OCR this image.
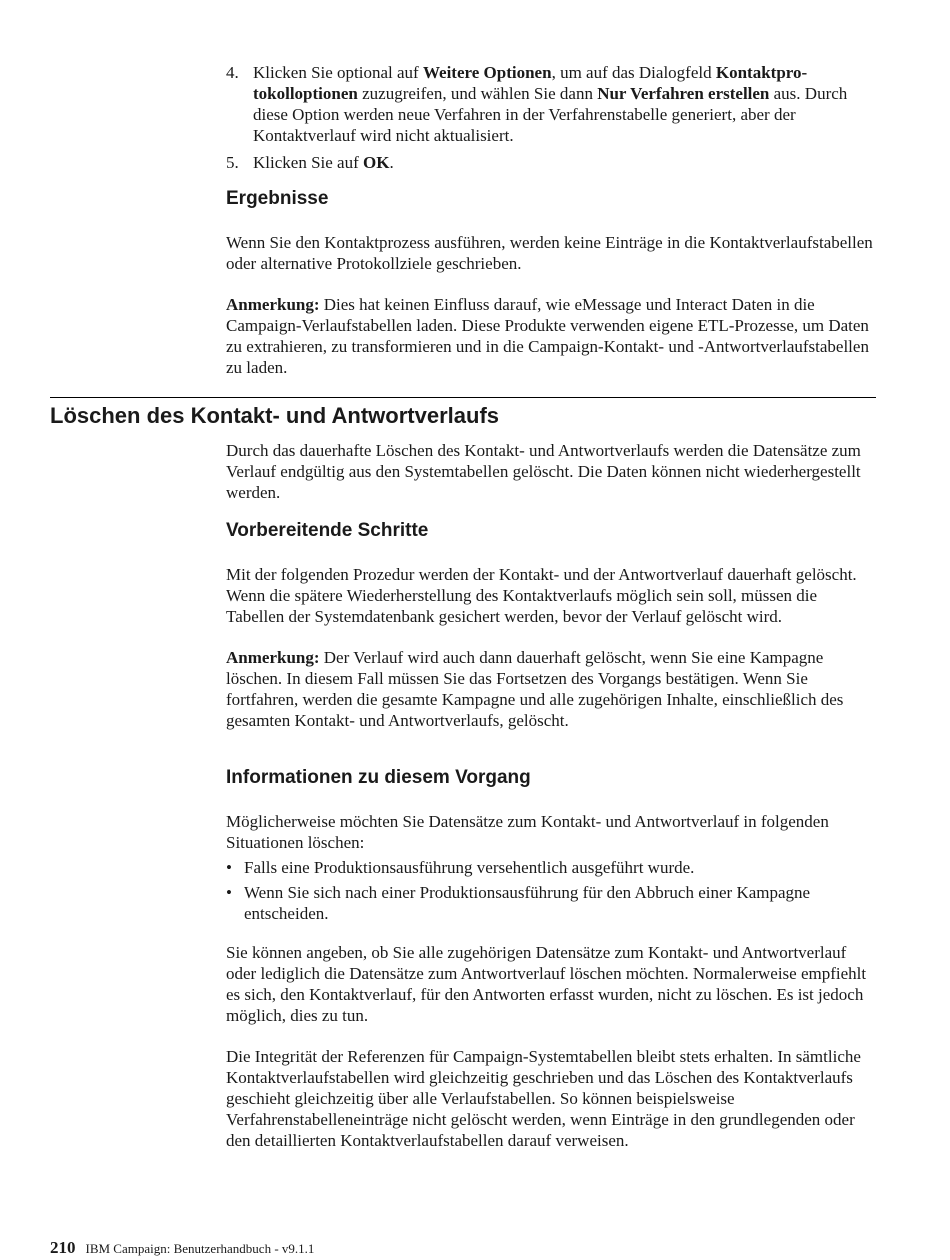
4. Klicken Sie optional auf Weitere Optionen, um auf das Dialogfeld Kontaktprotokolloptionen zuzugreifen, und wählen Sie dann Nur Verfahren erstellen aus. Durch diese Option werden neue Verfahren in der Verfahrenstabelle generiert, aber der Kontaktverlauf wird nicht aktualisiert.
5. Klicken Sie auf OK.
Ergebnisse

Wenn Sie den Kontaktprozess ausführen, werden keine Einträge in die Kontaktverlaufstabellen oder alternative Protokollziele geschrieben.

Anmerkung: Dies hat keinen Einfluss darauf, wie eMessage und Interact Daten in die Campaign-Verlaufstabellen laden. Diese Produkte verwenden eigene ETL-Prozesse, um Daten zu extrahieren, zu transformieren und in die Campaign-Kontakt- und -Antwortverlaufstabellen zu laden.

Löschen des Kontakt- und Antwortverlaufs

Durch das dauerhafte Löschen des Kontakt- und Antwortverlaufs werden die Datensätze zum Verlauf endgültig aus den Systemtabellen gelöscht. Die Daten können nicht wiederhergestellt werden.

Vorbereitende Schritte

Mit der folgenden Prozedur werden der Kontakt- und der Antwortverlauf dauerhaft gelöscht. Wenn die spätere Wiederherstellung des Kontaktverlaufs möglich sein soll, müssen die Tabellen der Systemdatenbank gesichert werden, bevor der Verlauf gelöscht wird.

Anmerkung: Der Verlauf wird auch dann dauerhaft gelöscht, wenn Sie eine Kampagne löschen. In diesem Fall müssen Sie das Fortsetzen des Vorgangs bestätigen. Wenn Sie fortfahren, werden die gesamte Kampagne und alle zugehörigen Inhalte, einschließlich des gesamten Kontakt- und Antwortverlaufs, gelöscht.

Informationen zu diesem Vorgang

Möglicherweise möchten Sie Datensätze zum Kontakt- und Antwortverlauf in folgenden Situationen löschen:

• Falls eine Produktionsausführung versehentlich ausgeführt wurde.
• Wenn Sie sich nach einer Produktionsausführung für den Abbruch einer Kampagne entscheiden.

Sie können angeben, ob Sie alle zugehörigen Datensätze zum Kontakt- und Antwortverlauf oder lediglich die Datensätze zum Antwortverlauf löschen möchten. Normalerweise empfiehlt es sich, den Kontaktverlauf, für den Antworten erfasst wurden, nicht zu löschen. Es ist jedoch möglich, dies zu tun.

Die Integrität der Referenzen für Campaign-Systemtabellen bleibt stets erhalten. In sämtliche Kontaktverlaufstabellen wird gleichzeitig geschrieben und das Löschen des Kontaktverlaufs geschieht gleichzeitig über alle Verlaufstabellen. So können beispielsweise Verfahrenstabelleneinträge nicht gelöscht werden, wenn Einträge in den grundlegenden oder den detaillierten Kontaktverlaufstabellen darauf verweisen.

210 IBM Campaign: Benutzerhandbuch - v9.1.1
